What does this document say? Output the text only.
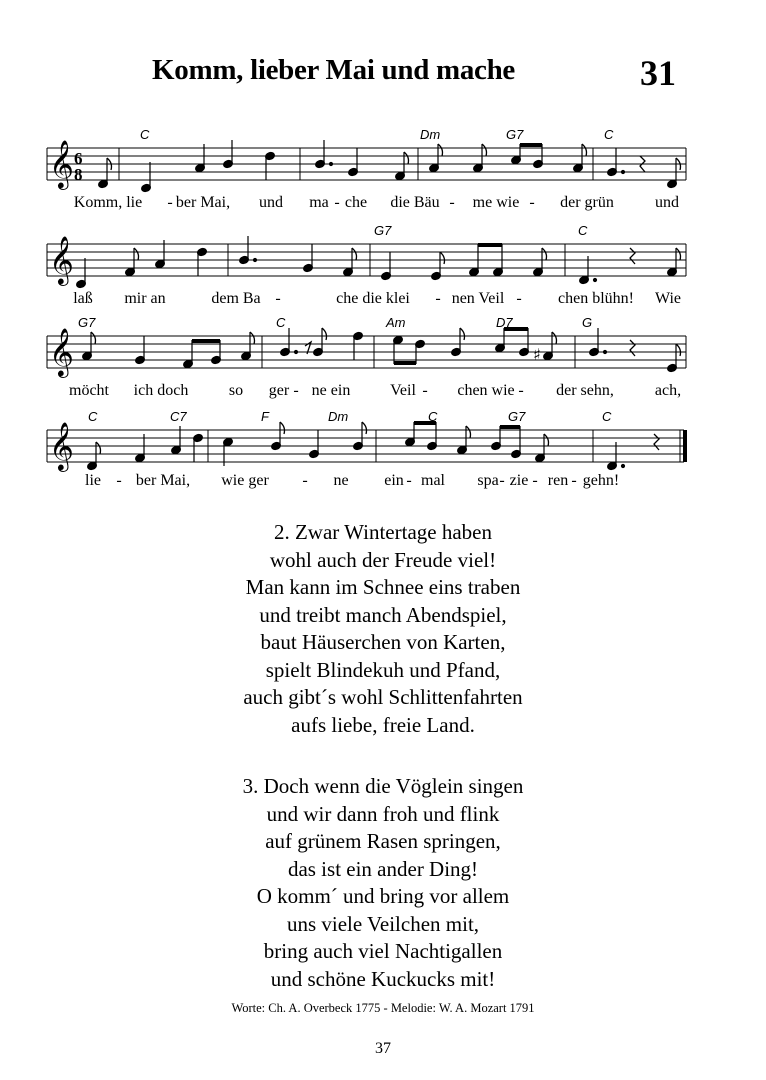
Komm, lieber Mai und mache	31
𝄞 6
8
C	Dm	G7	C
Komm, lie - ber Mai, und ma - che die Bäu - me wie - der grün	und
𝄞
G7	C
laß mir an	dem Ba -	che die klei - nen Veil - chen blühn! Wie
𝄞	♯
G7	C	Am	D7	G
möcht ich doch	so ger - ne ein Veil - chen wie - der sehn,	ach,
𝄞
C	C7	F	Dm	C	G7	C
lie - ber Mai, wie ger - ne ein - mal spa - zie - ren - gehn!
2. Zwar Wintertage haben
wohl auch der Freude viel!
Man kann im Schnee eins traben
und treibt manch Abendspiel,
baut Häuserchen von Karten,
spielt Blindekuh und Pfand,
auch gibt´s wohl Schlittenfahrten
aufs liebe, freie Land.
3. Doch wenn die Vöglein singen
und wir dann froh und flink
auf grünem Rasen springen,
das ist ein ander Ding!
O komm´ und bring vor allem
uns viele Veilchen mit,
bring auch viel Nachtigallen
und schöne Kuckucks mit!
Worte: Ch. A. Overbeck 1775 - Melodie: W. A. Mozart 1791
37
